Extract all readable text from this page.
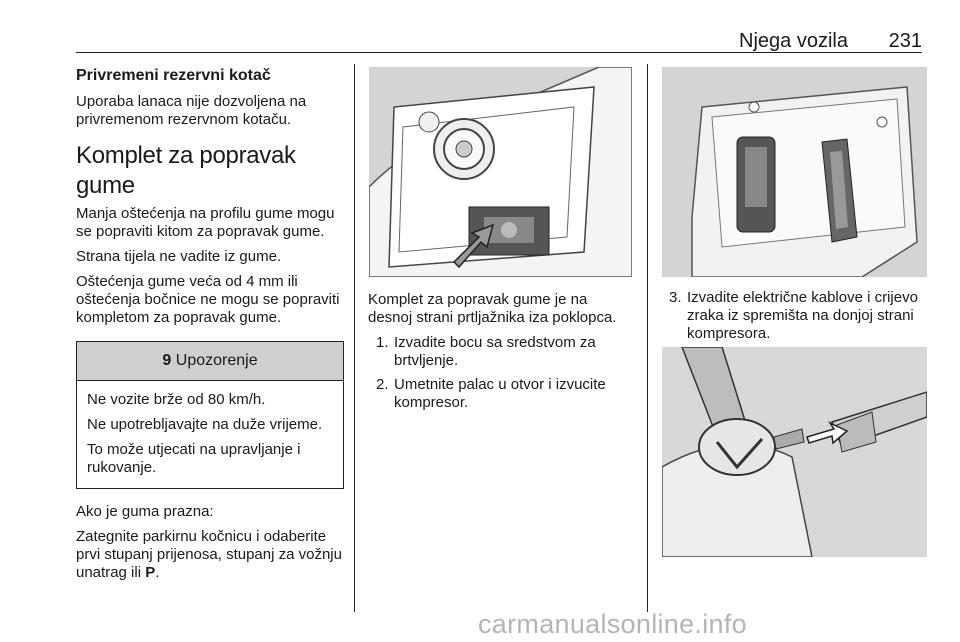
Njega vozila 231
Privremeni rezervni kotač

Uporaba lanaca nije dozvoljena na privremenom rezervnom kotaču.

Komplet za popravak gume

Manja oštećenja na profilu gume mogu se popraviti kitom za popravak gume.

Strana tijela ne vadite iz gume.

Oštećenja gume veća od 4 mm ili oštećenja bočnice ne mogu se popraviti kompletom za popravak gume.

9 Upozorenje

Ne vozite brže od 80 km/h.

Ne upotrebljavajte na duže vrijeme.

To može utjecati na upravljanje i rukovanje.

Ako je guma prazna:

Zategnite parkirnu kočnicu i odaberite prvi stupanj prijenosa, stupanj za vožnju unatrag ili P.

Komplet za popravak gume je na desnoj strani prtljažnika iza poklopca.

1. Izvadite bocu sa sredstvom za brtvljenje.
2. Umetnite palac u otvor i izvucite kompresor.
3. Izvadite električne kablove i crijevo zraka iz spremišta na donjoj strani kompresora.
carmanualsonline.info
